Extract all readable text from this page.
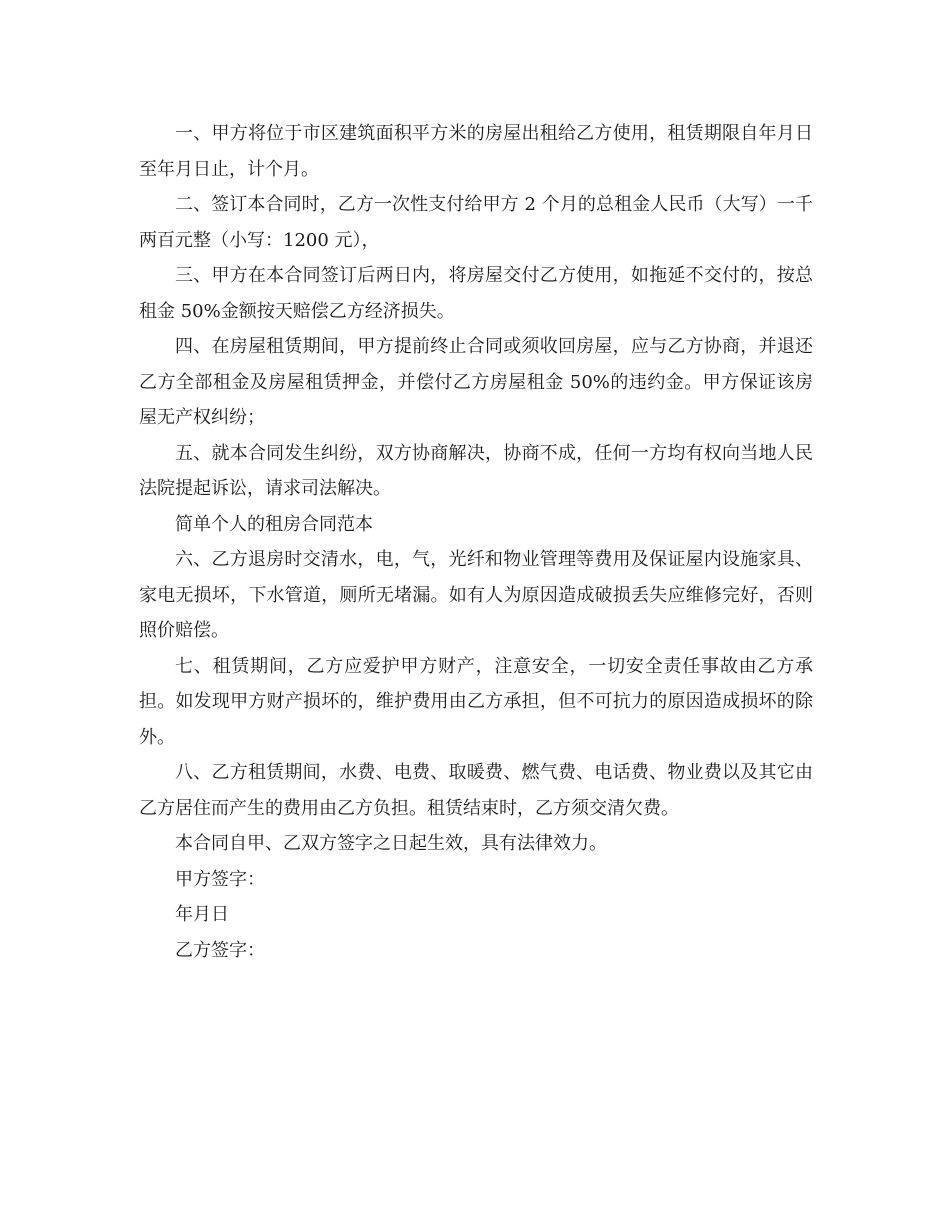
一、甲方将位于市区建筑面积平方米的房屋出租给乙方使用，租赁期限自年月日至年月日止，计个月。

二、签订本合同时，乙方一次性支付给甲方 2 个月的总租金人民币（大写）一千两百元整（小写：1200 元），

三、甲方在本合同签订后两日内，将房屋交付乙方使用，如拖延不交付的，按总租金 50%金额按天赔偿乙方经济损失。

四、在房屋租赁期间，甲方提前终止合同或须收回房屋，应与乙方协商，并退还乙方全部租金及房屋租赁押金，并偿付乙方房屋租金 50%的违约金。甲方保证该房屋无产权纠纷；

五、就本合同发生纠纷，双方协商解决，协商不成，任何一方均有权向当地人民法院提起诉讼，请求司法解决。

简单个人的租房合同范本

六、乙方退房时交清水，电，气，光纤和物业管理等费用及保证屋内设施家具、家电无损坏，下水管道，厕所无堵漏。如有人为原因造成破损丢失应维修完好，否则照价赔偿。

七、租赁期间，乙方应爱护甲方财产，注意安全，一切安全责任事故由乙方承担。如发现甲方财产损坏的，维护费用由乙方承担，但不可抗力的原因造成损坏的除外。

八、乙方租赁期间，水费、电费、取暖费、燃气费、电话费、物业费以及其它由乙方居住而产生的费用由乙方负担。租赁结束时，乙方须交清欠费。

本合同自甲、乙双方签字之日起生效，具有法律效力。

甲方签字：

年月日

乙方签字：
